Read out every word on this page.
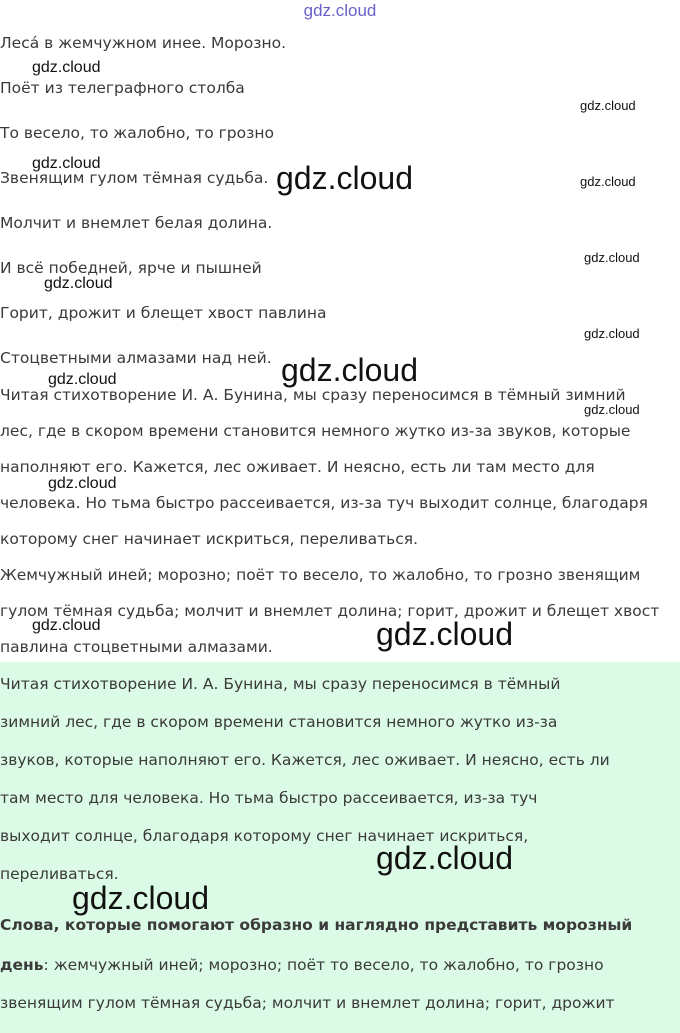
gdz.cloud

Леса́ в жемчужном инее. Морозно.

Поёт из телеграфного столба

То весело, то жалобно, то грозно

Звенящим гулом тёмная судьба.

Молчит и внемлет белая долина.

И всё победней, ярче и пышней

Горит, дрожит и блещет хвост павлина

Стоцветными алмазами над ней.

Читая стихотворение И. А. Бунина, мы сразу переносимся в тёмный зимний

лес, где в скором времени становится немного жутко из-за звуков, которые

наполняют его. Кажется, лес оживает. И неясно, есть ли там место для

человека. Но тьма быстро рассеивается, из-за туч выходит солнце, благодаря

которому снег начинает искриться, переливаться.

Жемчужный иней; морозно; поёт то весело, то жалобно, то грозно звенящим

гулом тёмная судьба; молчит и внемлет долина; горит, дрожит и блещет хвост

павлина стоцветными алмазами.

Читая стихотворение И. А. Бунина, мы сразу переносимся в тёмный

зимний лес, где в скором времени становится немного жутко из-за

звуков, которые наполняют его. Кажется, лес оживает. И неясно, есть ли

там место для человека. Но тьма быстро рассеивается, из-за туч

выходит солнце, благодаря которому снег начинает искриться,

переливаться.

Слова, которые помогают образно и наглядно представить морозный

день: жемчужный иней; морозно; поёт то весело, то жалобно, то грозно

звенящим гулом тёмная судьба; молчит и внемлет долина; горит, дрожит

gdz.cloud
gdz.cloud
gdz.cloud	gdz.cloud	gdz.cloud
gdz.cloud
gdz.cloud
gdz.cloud
gdz.cloud
gdz.cloud
gdz.cloud
gdz.cloud
gdz.cloud
gdz.cloud
gdz.cloud
gdz.cloud
